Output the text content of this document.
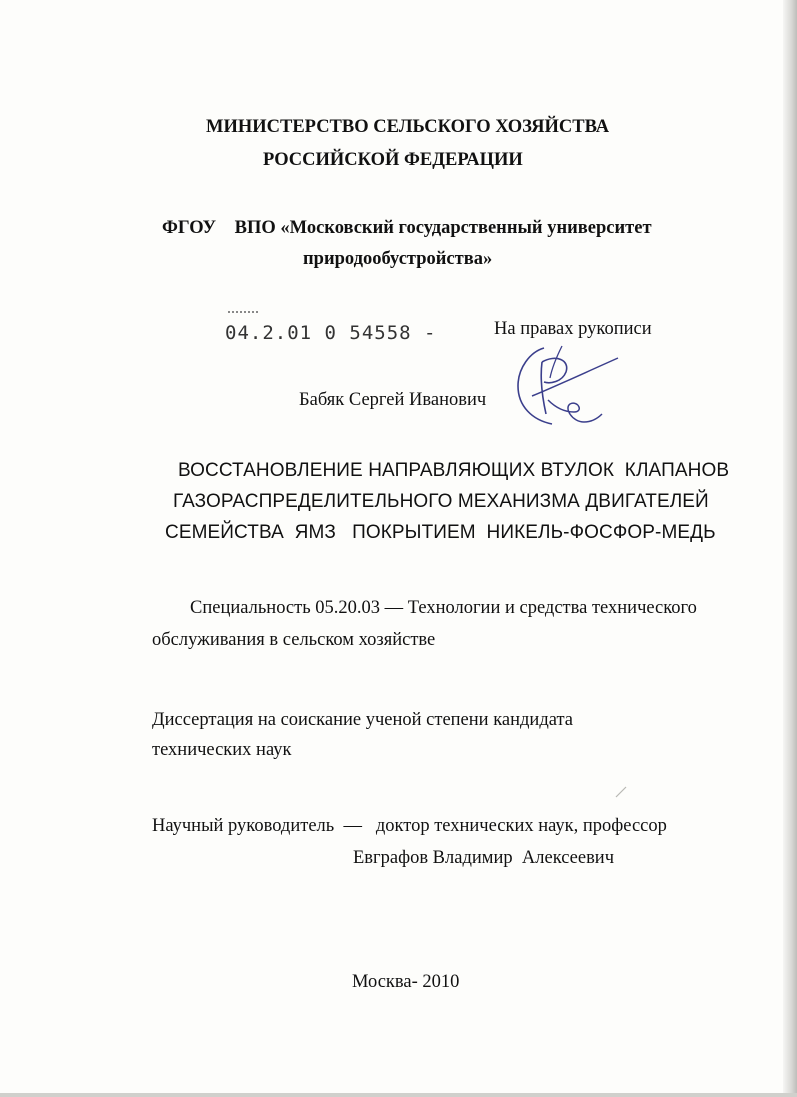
МИНИСТЕРСТВО СЕЛЬСКОГО ХОЗЯЙСТВА
РОССИЙСКОЙ ФЕДЕРАЦИИ
ФГОУ    ВПО «Московский государственный университет
природообустройства»
04.2.01 0 54558 -	На правах рукописи
Бабяк Сергей Иванович
ВОССТАНОВЛЕНИЕ НАПРАВЛЯЮЩИХ ВТУЛОК  КЛАПАНОВ
ГАЗОРАСПРЕДЕЛИТЕЛЬНОГО МЕХАНИЗМА ДВИГАТЕЛЕЙ
СЕМЕЙСТВА  ЯМЗ   ПОКРЫТИЕМ  НИКЕЛЬ-ФОСФОР-МЕДЬ
Специальность 05.20.03 — Технологии и средства технического
обслуживания в сельском хозяйстве
Диссертация на соискание ученой степени кандидата
технических наук
Научный руководитель  —   доктор технических наук, профессор
Евграфов Владимир  Алексеевич
Москва- 2010
